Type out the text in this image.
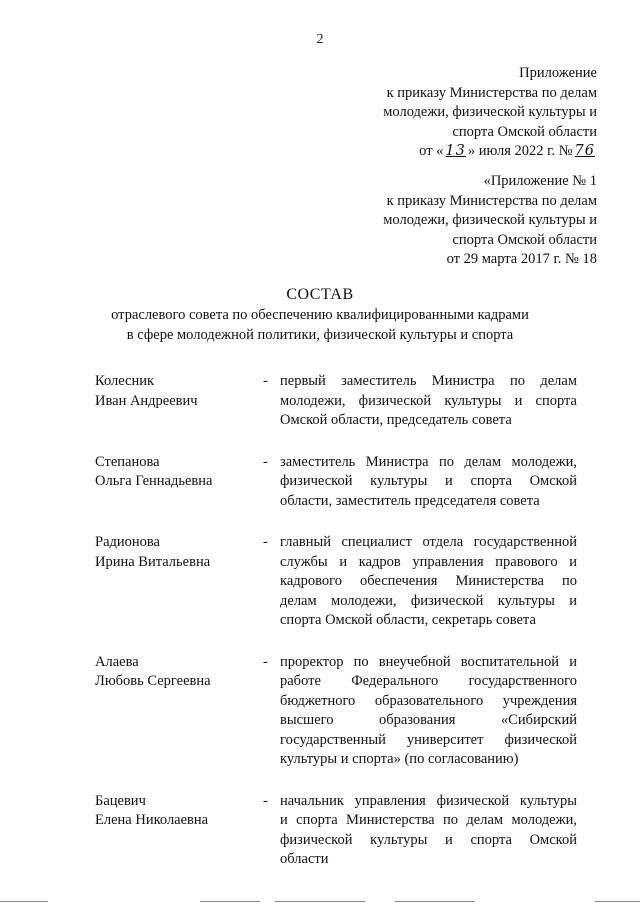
2
Приложение
к приказу Министерства по делам
молодежи, физической культуры и
спорта Омской области
от « 13 » июля 2022 г. № 76
«Приложение № 1
к приказу Министерства по делам
молодежи, физической культуры и
спорта Омской области
от 29 марта 2017 г. № 18
СОСТАВ
отраслевого совета по обеспечению квалифицированными кадрами
в сфере молодежной политики, физической культуры и спорта
Колесник
Иван Андреевич
- первый заместитель Министра по делам
молодежи, физической культуры и спорта
Омской области, председатель совета
Степанова
Ольга Геннадьевна
- заместитель Министра по делам молодежи,
физической культуры и спорта Омской
области, заместитель председателя совета
Радионова
Ирина Витальевна
- главный специалист отдела государственной
службы и кадров управления правового и
кадрового обеспечения Министерства по
делам молодежи, физической культуры и
спорта Омской области, секретарь совета
Алаева
Любовь Сергеевна
- проректор по внеучебной воспитательной и
работе Федерального государственного
бюджетного образовательного учреждения
высшего образования «Сибирский
государственный университет физической
культуры и спорта» (по согласованию)
Бацевич
Елена Николаевна
- начальник управления физической культуры
и спорта Министерства по делам молодежи,
физической культуры и спорта Омской
области
